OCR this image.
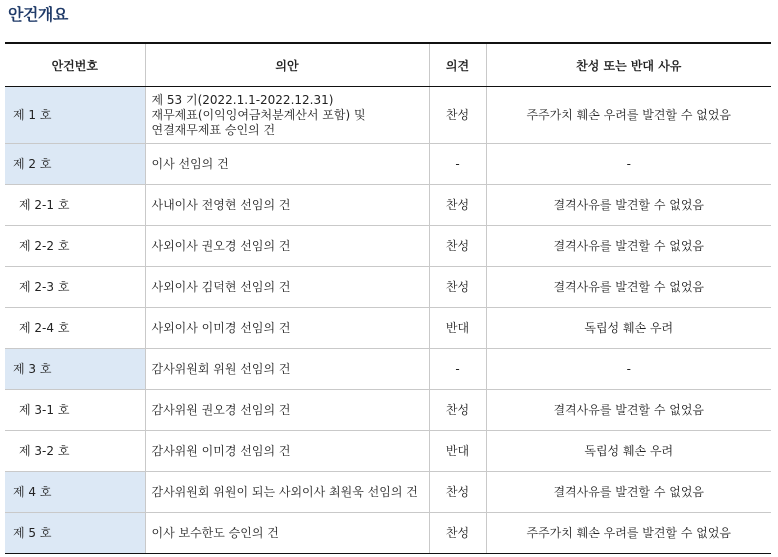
안건개요
안건번호	의안	의견	찬성 또는 반대 사유
제 1 호	제 53 기(2022.1.1-2022.12.31)
재무제표(이익잉여금처분계산서 포함) 및
연결재무제표 승인의 건	찬성	주주가치 훼손 우려를 발견할 수 없었음
제 2 호	이사 선임의 건	-	-
제 2-1 호	사내이사 전영현 선임의 건	찬성	결격사유를 발견할 수 없었음
제 2-2 호	사외이사 권오경 선임의 건	찬성	결격사유를 발견할 수 없었음
제 2-3 호	사외이사 김덕현 선임의 건	찬성	결격사유를 발견할 수 없었음
제 2-4 호	사외이사 이미경 선임의 건	반대	독립성 훼손 우려
제 3 호	감사위원회 위원 선임의 건	-	-
제 3-1 호	감사위원 권오경 선임의 건	찬성	결격사유를 발견할 수 없었음
제 3-2 호	감사위원 이미경 선임의 건	반대	독립성 훼손 우려
제 4 호	감사위원회 위원이 되는 사외이사 최원욱 선임의 건	찬성	결격사유를 발견할 수 없었음
제 5 호	이사 보수한도 승인의 건	찬성	주주가치 훼손 우려를 발견할 수 없었음
